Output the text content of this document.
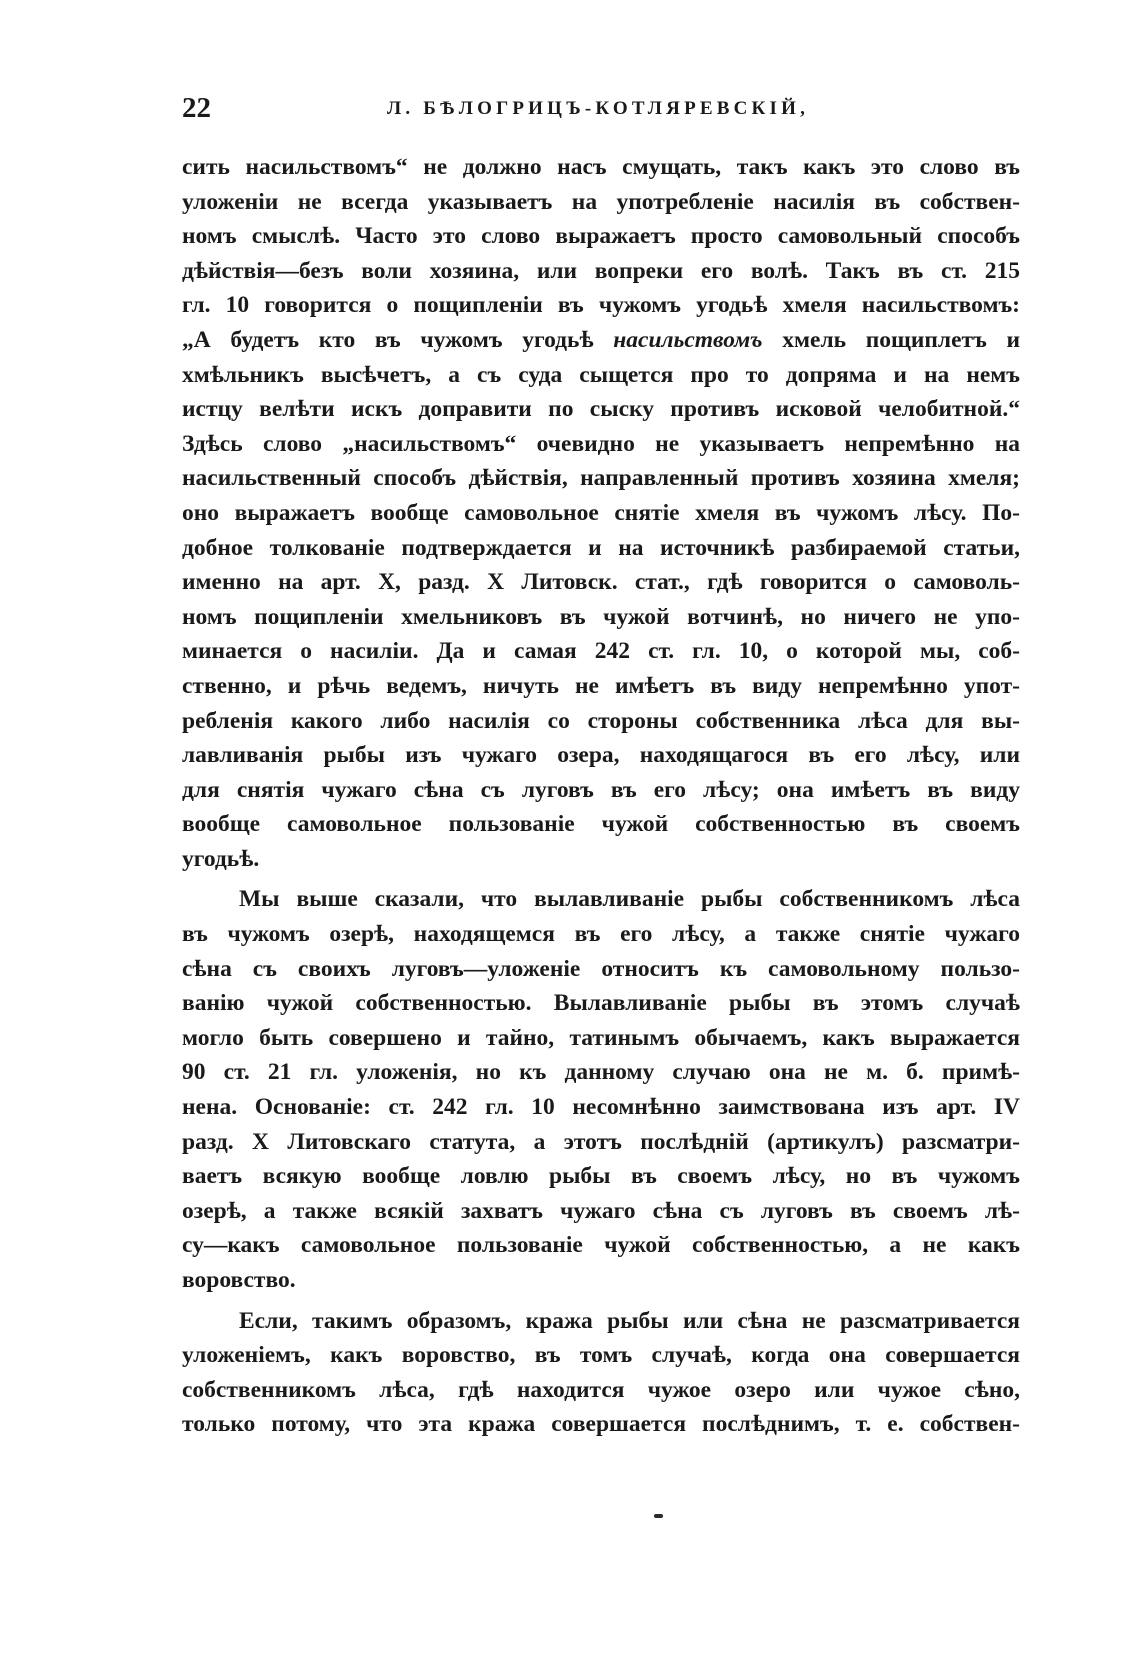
22	Л. БѢЛОГРИЦЪ-КОТЛЯРЕВСКІЙ,
сить насильствомъ“ не должно насъ смущать, такъ какъ это слово въ
уложеніи не всегда указываетъ на употребленіе насилія въ собствен-
номъ смыслѣ. Часто это слово выражаетъ просто самовольный способъ
дѣйствія—безъ воли хозяина, или вопреки его волѣ. Такъ въ ст. 215
гл. 10 говорится о пощипленіи въ чужомъ угодьѣ хмеля насильствомъ:
„А будетъ кто въ чужомъ угодьѣ насильствомъ хмель пощиплетъ и
хмѣльникъ высѣчетъ, а съ суда сыщется про то допряма и на немъ
истцу велѣти искъ доправити по сыску противъ исковой челобитной.“
Здѣсь слово „насильствомъ“ очевидно не указываетъ непремѣнно на
насильственный способъ дѣйствія, направленный противъ хозяина хмеля;
оно выражаетъ вообще самовольное снятіе хмеля въ чужомъ лѣсу. По-
добное толкованіе подтверждается и на источникѣ разбираемой статьи,
именно на арт. X, разд. X Литовск. стат., гдѣ говорится о самоволь-
номъ пощипленіи хмельниковъ въ чужой вотчинѣ, но ничего не упо-
минается о насиліи. Да и самая 242 ст. гл. 10, о которой мы, соб-
ственно, и рѣчь ведемъ, ничуть не имѣетъ въ виду непремѣнно упот-
ребленія какого либо насилія со стороны собственника лѣса для вы-
лавливанія рыбы изъ чужаго озера, находящагося въ его лѣсу, или
для снятія чужаго сѣна съ луговъ въ его лѣсу; она имѣетъ въ виду
вообще самовольное пользованіе чужой собственностью въ своемъ
угодьѣ.
Мы выше сказали, что вылавливаніе рыбы собственникомъ лѣса
въ чужомъ озерѣ, находящемся въ его лѣсу, а также снятіе чужаго
сѣна съ своихъ луговъ—уложеніе относитъ къ самовольному пользо-
ванію чужой собственностью. Вылавливаніе рыбы въ этомъ случаѣ
могло быть совершено и тайно, татинымъ обычаемъ, какъ выражается
90 ст. 21 гл. уложенія, но къ данному случаю она не м. б. примѣ-
нена. Основаніе: ст. 242 гл. 10 несомнѣнно заимствована изъ арт. IV
разд. X Литовскаго статута, а этотъ послѣдній (артикулъ) разсматри-
ваетъ всякую вообще ловлю рыбы въ своемъ лѣсу, но въ чужомъ
озерѣ, а также всякій захватъ чужаго сѣна съ луговъ въ своемъ лѣ-
су—какъ самовольное пользованіе чужой собственностью, а не какъ
воровство.
Если, такимъ образомъ, кража рыбы или сѣна не разсматривается
уложеніемъ, какъ воровство, въ томъ случаѣ, когда она совершается
собственникомъ лѣса, гдѣ находится чужое озеро или чужое сѣно,
только потому, что эта кража совершается послѣднимъ, т. е. собствен-
